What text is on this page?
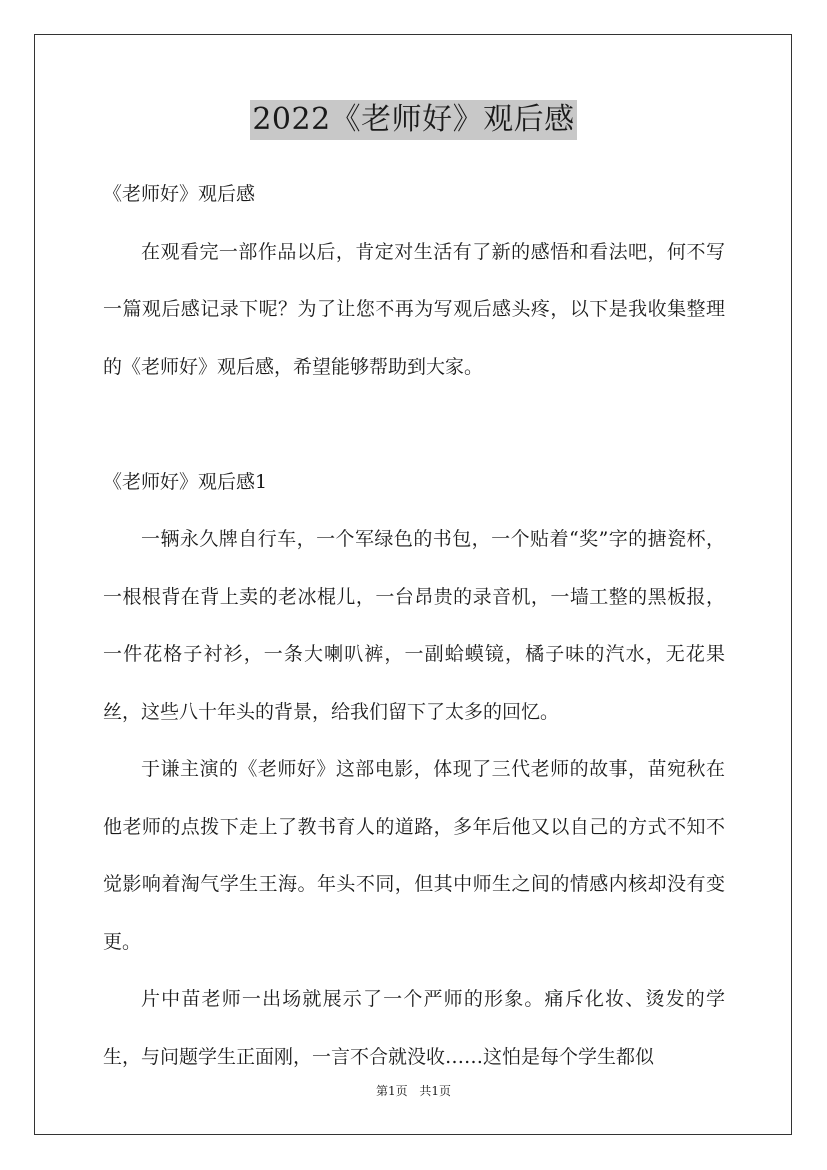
2022《老师好》观后感

《老师好》观后感

在观看完一部作品以后，肯定对生活有了新的感悟和看法吧，何不写一篇观后感记录下呢？为了让您不再为写观后感头疼，以下是我收集整理的《老师好》观后感，希望能够帮助到大家。

《老师好》观后感1

一辆永久牌自行车，一个军绿色的书包，一个贴着“奖”字的搪瓷杯，一根根背在背上卖的老冰棍儿，一台昂贵的录音机，一墙工整的黑板报，一件花格子衬衫，一条大喇叭裤，一副蛤蟆镜，橘子味的汽水，无花果丝，这些八十年头的背景，给我们留下了太多的回忆。

于谦主演的《老师好》这部电影，体现了三代老师的故事，苗宛秋在他老师的点拨下走上了教书育人的道路，多年后他又以自己的方式不知不觉影响着淘气学生王海。年头不同，但其中师生之间的情感内核却没有变更。

片中苗老师一出场就展示了一个严师的形象。痛斥化妆、烫发的学生，与问题学生正面刚，一言不合就没收……这怕是每个学生都似

第1页 共1页
